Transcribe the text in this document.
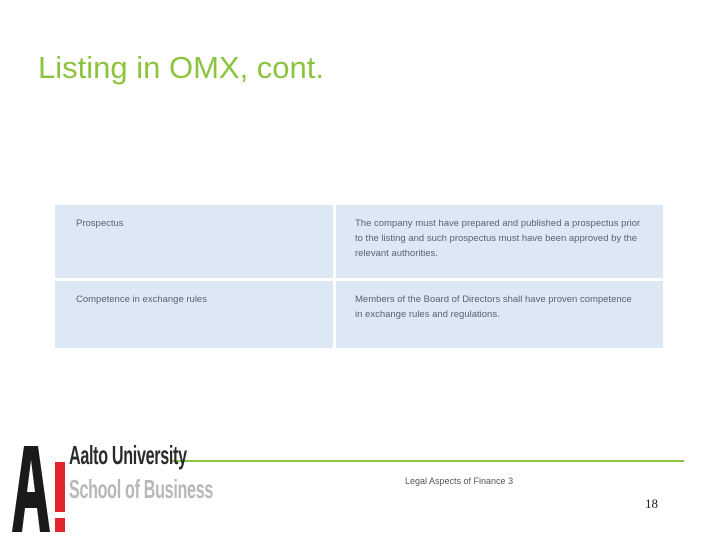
Listing in OMX, cont.
Prospectus	The company must have prepared and published a prospectus prior to the listing and such prospectus must have been approved by the relevant authorities.
Competence in exchange rules	Members of the Board of Directors shall have proven competence in exchange rules and regulations.
Aalto University
School of Business	Legal Aspects of Finance 3
18
